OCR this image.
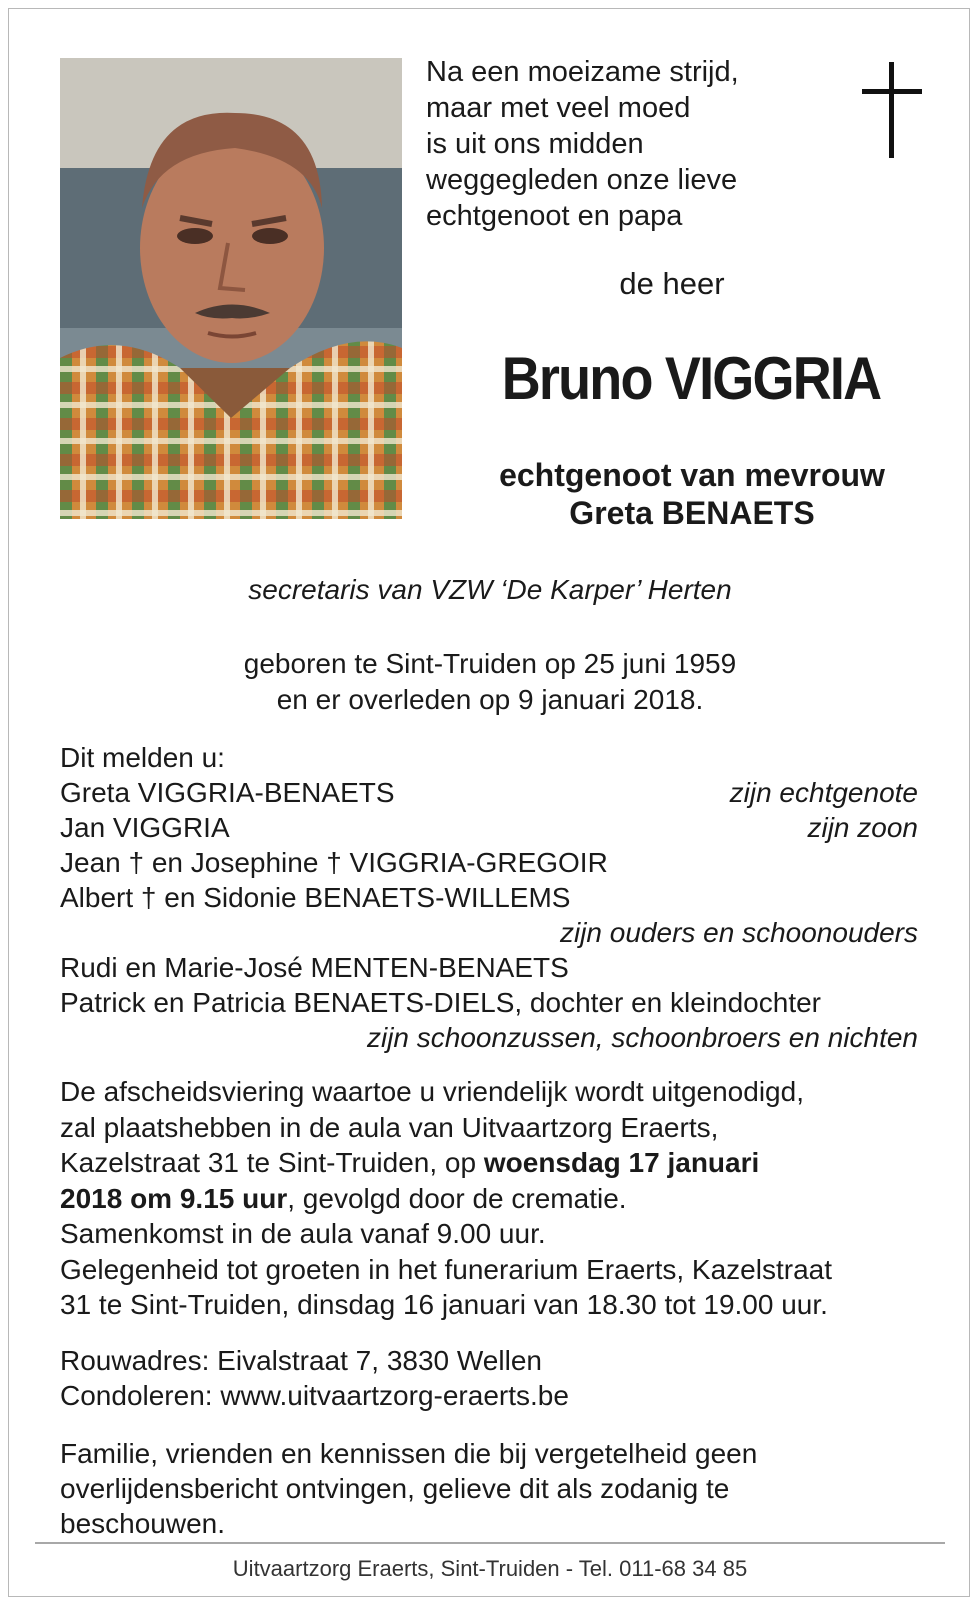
Na een moeizame strijd,
maar met veel moed
is uit ons midden
weggegleden onze lieve
echtgenoot en papa
de heer
Bruno VIGGRIA
echtgenoot van mevrouw
Greta BENAETS
secretaris van VZW ‘De Karper’ Herten
geboren te Sint-Truiden op 25 juni 1959
en er overleden op 9 januari 2018.
Dit melden u:
Greta VIGGRIA-BENAETS	zijn echtgenote
Jan VIGGRIA	zijn zoon
Jean † en Josephine † VIGGRIA-GREGOIR
Albert † en Sidonie BENAETS-WILLEMS
zijn ouders en schoonouders
Rudi en Marie-José MENTEN-BENAETS
Patrick en Patricia BENAETS-DIELS, dochter en kleindochter
zijn schoonzussen, schoonbroers en nichten
De afscheidsviering waartoe u vriendelijk wordt uitgenodigd,
zal plaatshebben in de aula van Uitvaartzorg Eraerts,
Kazelstraat 31 te Sint-Truiden, op woensdag 17 januari
2018 om 9.15 uur, gevolgd door de crematie.
Samenkomst in de aula vanaf 9.00 uur.
Gelegenheid tot groeten in het funerarium Eraerts, Kazelstraat
31 te Sint-Truiden, dinsdag 16 januari van 18.30 tot 19.00 uur.
Rouwadres: Eivalstraat 7, 3830 Wellen
Condoleren: www.uitvaartzorg-eraerts.be
Familie, vrienden en kennissen die bij vergetelheid geen
overlijdensbericht ontvingen, gelieve dit als zodanig te
beschouwen.
Uitvaartzorg Eraerts, Sint-Truiden - Tel. 011-68 34 85
